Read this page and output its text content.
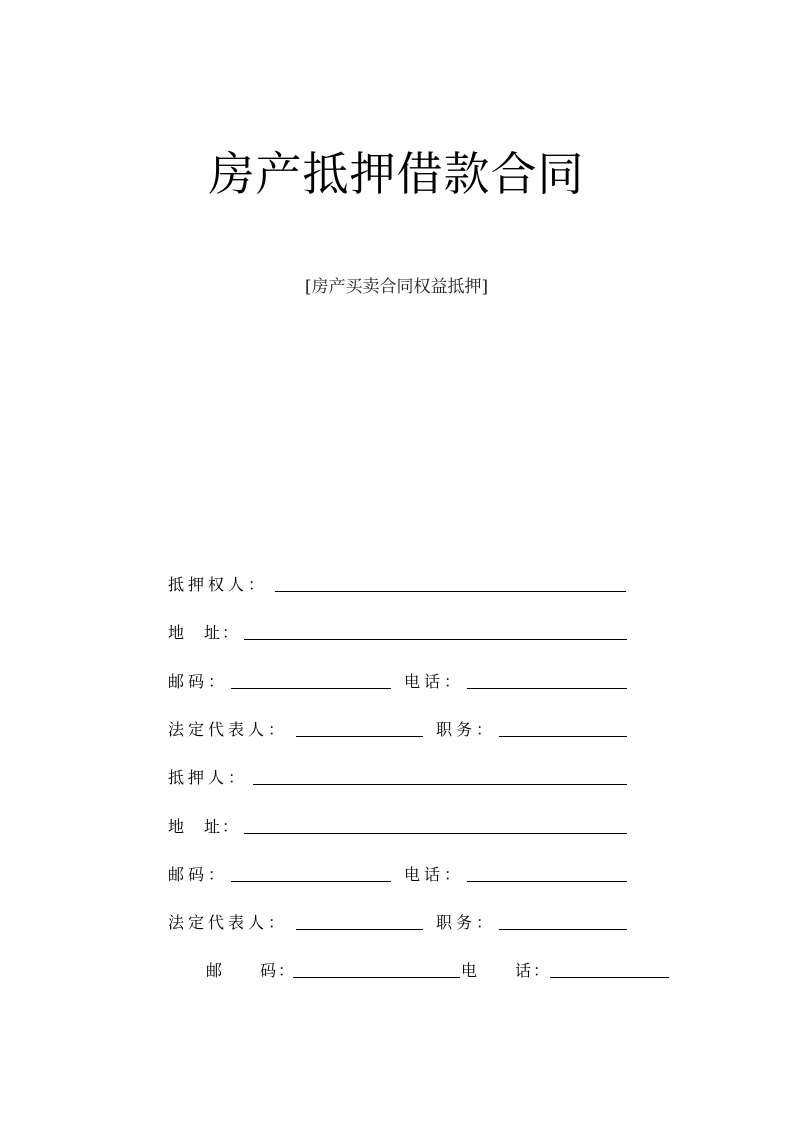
房产抵押借款合同
[房产买卖合同权益抵押]
抵押权人：
地　址：
邮码：	电话：
法定代表人：	职务：
抵押人：
地　址：
邮码：	电话：
法定代表人：	职务：
邮　　码：	电　　话：
